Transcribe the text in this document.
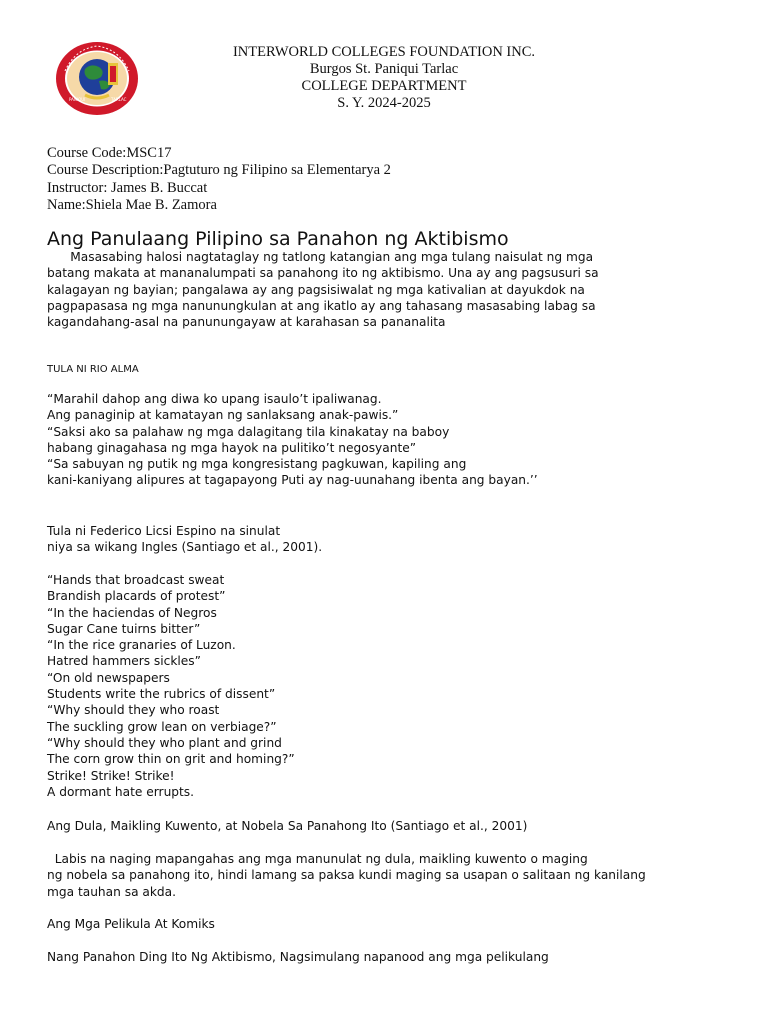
PANIQUI	TARLAC
INTERWORLD COLLEGES FOUNDATION INC.
Burgos St. Paniqui Tarlac
COLLEGE DEPARTMENT
S. Y. 2024-2025
Course Code:MSC17
Course Description:Pagtuturo ng Filipino sa Elementarya 2
Instructor: James B. Buccat
Name:Shiela Mae B. Zamora
Ang Panulaang Pilipino sa Panahon ng Aktibismo
Masasabing halosi nagtataglay ng tatlong katangian ang mga tulang naisulat ng mga
batang makata at mananalumpati sa panahong ito ng aktibismo. Una ay ang pagsusuri sa
kalagayan ng bayian; pangalawa ay ang pagsisiwalat ng mga kativalian at dayukdok na
pagpapasasa ng mga nanunungkulan at ang ikatlo ay ang tahasang masasabing labag sa
kagandahang-asal na panunungayaw at karahasan sa pananalita
TULA NI RIO ALMA
“Marahil dahop ang diwa ko upang isaulo’t ipaliwanag.
Ang panaginip at kamatayan ng sanlaksang anak-pawis.”
“Saksi ako sa palahaw ng mga dalagitang tila kinakatay na baboy
habang ginagahasa ng mga hayok na pulitiko’t negosyante”
“Sa sabuyan ng putik ng mga kongresistang pagkuwan, kapiling ang
kani-kaniyang alipures at tagapayong Puti ay nag-uunahang ibenta ang bayan.’’
Tula ni Federico Licsi Espino na sinulat
niya sa wikang Ingles (Santiago et al., 2001).
“Hands that broadcast sweat
Brandish placards of protest”
“In the haciendas of Negros
Sugar Cane tuirns bitter”
“In the rice granaries of Luzon.
Hatred hammers sickles”
“On old newspapers
Students write the rubrics of dissent”
“Why should they who roast
The suckling grow lean on verbiage?”
“Why should they who plant and grind
The corn grow thin on grit and homing?”
Strike! Strike! Strike!
A dormant hate errupts.
Ang Dula, Maikling Kuwento, at Nobela Sa Panahong Ito (Santiago et al., 2001)
Labis na naging mapangahas ang mga manunulat ng dula, maikling kuwento o maging
ng nobela sa panahong ito, hindi lamang sa paksa kundi maging sa usapan o salitaan ng kanilang
mga tauhan sa akda.
Ang Mga Pelikula At Komiks
Nang Panahon Ding Ito Ng Aktibismo, Nagsimulang napanood ang mga pelikulang
